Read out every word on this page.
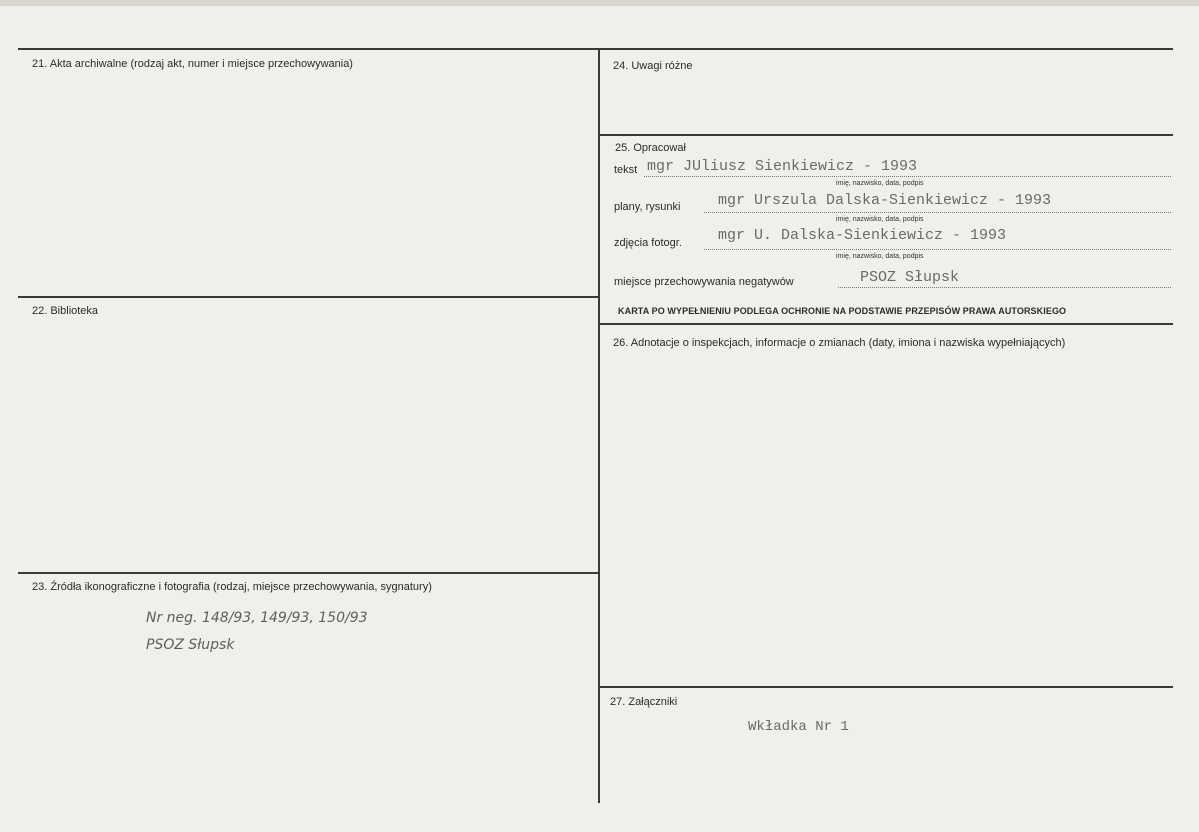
21. Akta archiwalne (rodzaj akt, numer i miejsce przechowywania)
22. Biblioteka
23. Źródła ikonograficzne i fotografia (rodzaj, miejsce przechowywania, sygnatury)
Nr neg. 148/93, 149/93, 150/93
PSOZ Słupsk
24. Uwagi różne
25. Opracował
tekst mgr JUliusz Sienkiewicz - 1993
imię, nazwisko, data, podpis
plany, rysunki	mgr Urszula Dalska-Sienkiewicz - 1993
imię, nazwisko, data, podpis
zdjęcia fotogr. mgr U. Dalska-Sienkiewicz - 1993
imię, nazwisko, data, podpis
miejsce przechowywania negatywów	PSOZ Słupsk
KARTA PO WYPEŁNIENIU PODLEGA OCHRONIE NA PODSTAWIE PRZEPISÓW PRAWA AUTORSKIEGO
26. Adnotacje o inspekcjach, informacje o zmianach (daty, imiona i nazwiska wypełniających)
27. Załączniki
Wkładka Nr 1
